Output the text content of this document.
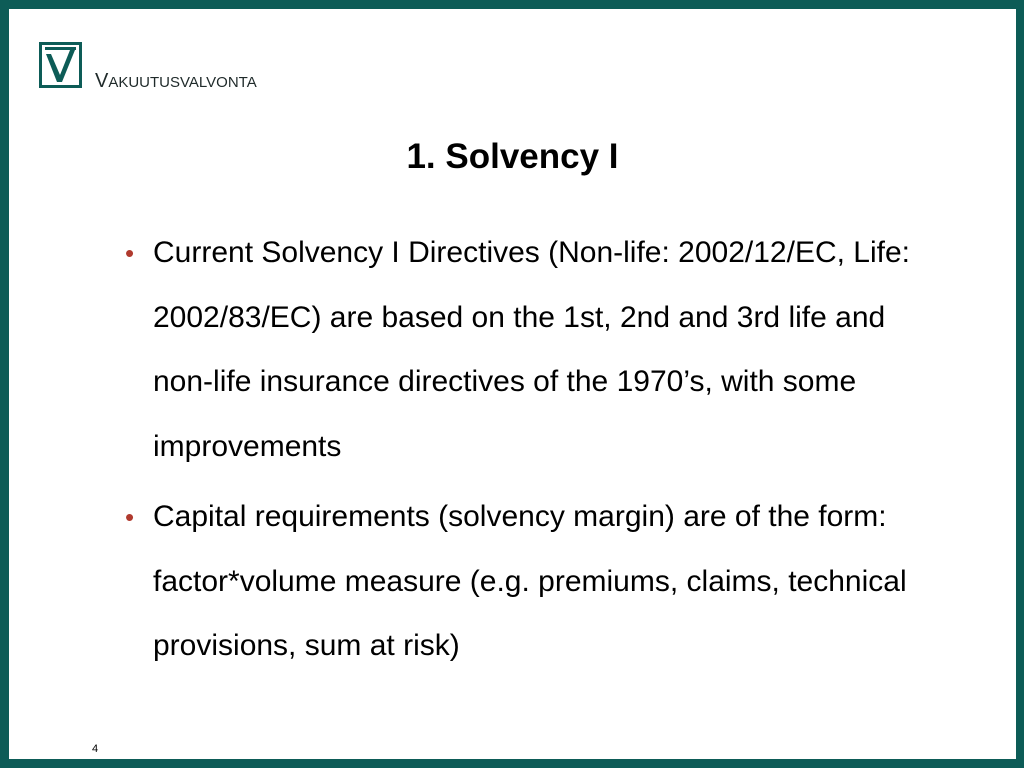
VAKUUTUSVALVONTA
1. Solvency I
• Current Solvency I Directives (Non-life: 2002/12/EC, Life: 2002/83/EC) are based on the 1st, 2nd and 3rd life and non-life insurance directives of the 1970’s, with some improvements
• Capital requirements (solvency margin) are of the form: factor*volume measure (e.g. premiums, claims, technical provisions, sum at risk)
4
